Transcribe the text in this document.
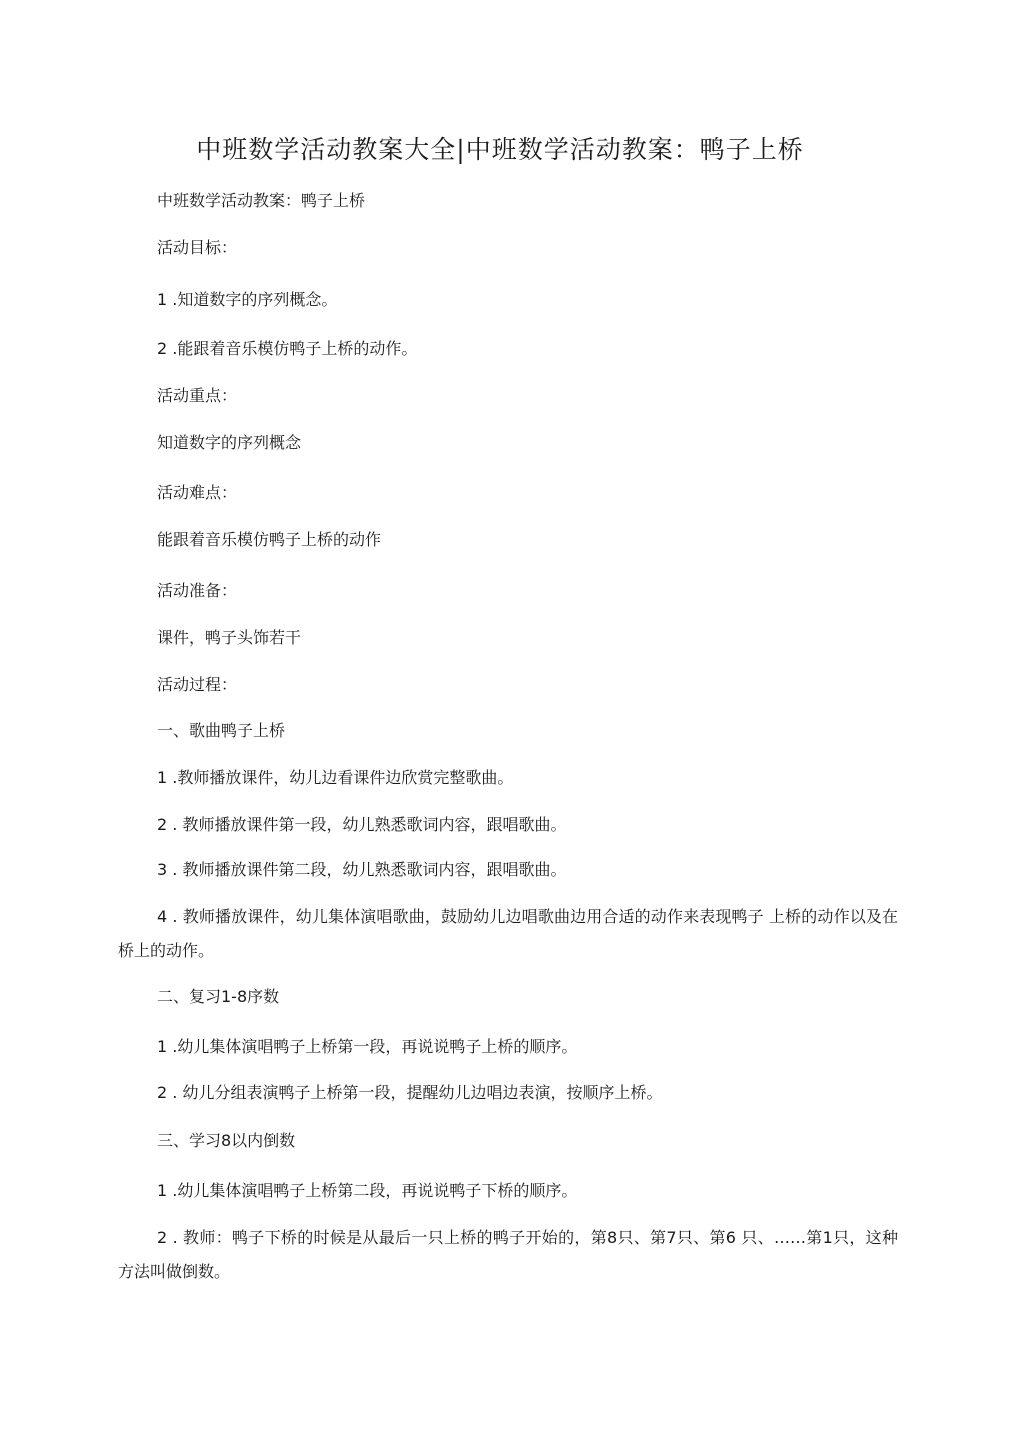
中班数学活动教案大全|中班数学活动教案：鸭子上桥
中班数学活动教案：鸭子上桥
活动目标：
1 .知道数字的序列概念。
2 .能跟着音乐模仿鸭子上桥的动作。
活动重点：
知道数字的序列概念
活动难点：
能跟着音乐模仿鸭子上桥的动作
活动准备：
课件，鸭子头饰若干
活动过程：
一、歌曲鸭子上桥
1 .教师播放课件，幼儿边看课件边欣赏完整歌曲。
2 . 教师播放课件第一段，幼儿熟悉歌词内容，跟唱歌曲。
3 . 教师播放课件第二段，幼儿熟悉歌词内容，跟唱歌曲。
4 . 教师播放课件，幼儿集体演唱歌曲，鼓励幼儿边唱歌曲边用合适的动作来表现鸭子 上桥的动作以及在桥上的动作。
二、复习1-8序数
1 .幼儿集体演唱鸭子上桥第一段，再说说鸭子上桥的顺序。
2 . 幼儿分组表演鸭子上桥第一段，提醒幼儿边唱边表演，按顺序上桥。
三、学习8以内倒数
1 .幼儿集体演唱鸭子上桥第二段，再说说鸭子下桥的顺序。
2 . 教师：鸭子下桥的时候是从最后一只上桥的鸭子开始的，第8只、第7只、第6 只、……第1只，这种方法叫做倒数。
